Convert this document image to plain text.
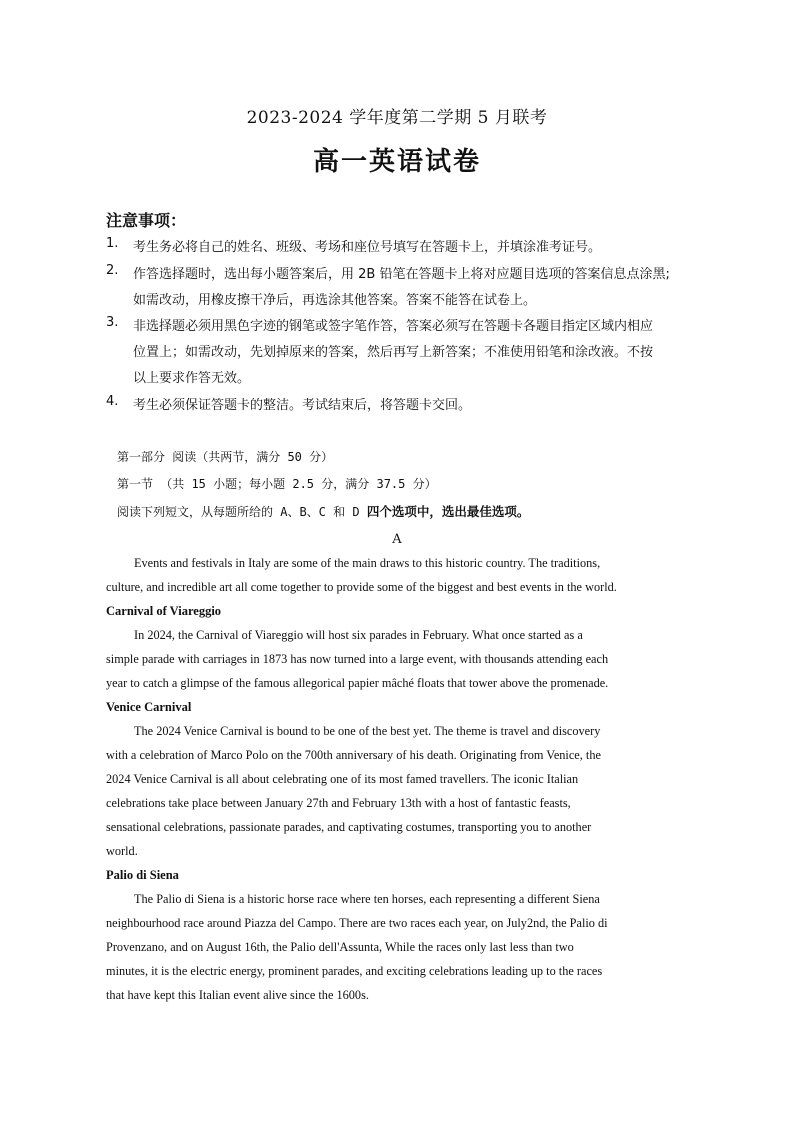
2023-2024 学年度第二学期 5 月联考
高一英语试卷
注意事项：
1. 考生务必将自己的姓名、班级、考场和座位号填写在答题卡上，并填涂准考证号。
2. 作答选择题时，选出每小题答案后，用 2B 铅笔在答题卡上将对应题目选项的答案信息点涂黑;
如需改动，用橡皮擦干净后，再选涂其他答案。答案不能答在试卷上。
3. 非选择题必须用黑色字迹的钢笔或签字笔作答，答案必须写在答题卡各题目指定区域内相应
位置上；如需改动，先划掉原来的答案，然后再写上新答案；不准使用铅笔和涂改液。不按
以上要求作答无效。
4. 考生必须保证答题卡的整洁。考试结束后，将答题卡交回。
第一部分 阅读（共两节，满分 50 分）
第一节 （共 15 小题；每小题 2.5 分，满分 37.5 分）
阅读下列短文，从每题所给的 A、B、C 和 D 四个选项中，选出最佳选项。
A
Events and festivals in Italy are some of the main draws to this historic country. The traditions,
culture, and incredible art all come together to provide some of the biggest and best events in the world.
Carnival of Viareggio
In 2024, the Carnival of Viareggio will host six parades in February. What once started as a
simple parade with carriages in 1873 has now turned into a large event, with thousands attending each
year to catch a glimpse of the famous allegorical papier mâché floats that tower above the promenade.
Venice Carnival
The 2024 Venice Carnival is bound to be one of the best yet. The theme is travel and discovery
with a celebration of Marco Polo on the 700th anniversary of his death. Originating from Venice, the
2024 Venice Carnival is all about celebrating one of its most famed travellers. The iconic Italian
celebrations take place between January 27th and February 13th with a host of fantastic feasts,
sensational celebrations, passionate parades, and captivating costumes, transporting you to another
world.
Palio di Siena
The Palio di Siena is a historic horse race where ten horses, each representing a different Siena
neighbourhood race around Piazza del Campo. There are two races each year, on July2nd, the Palio di
Provenzano, and on August 16th, the Palio dell'Assunta, While the races only last less than two
minutes, it is the electric energy, prominent parades, and exciting celebrations leading up to the races
that have kept this Italian event alive since the 1600s.
